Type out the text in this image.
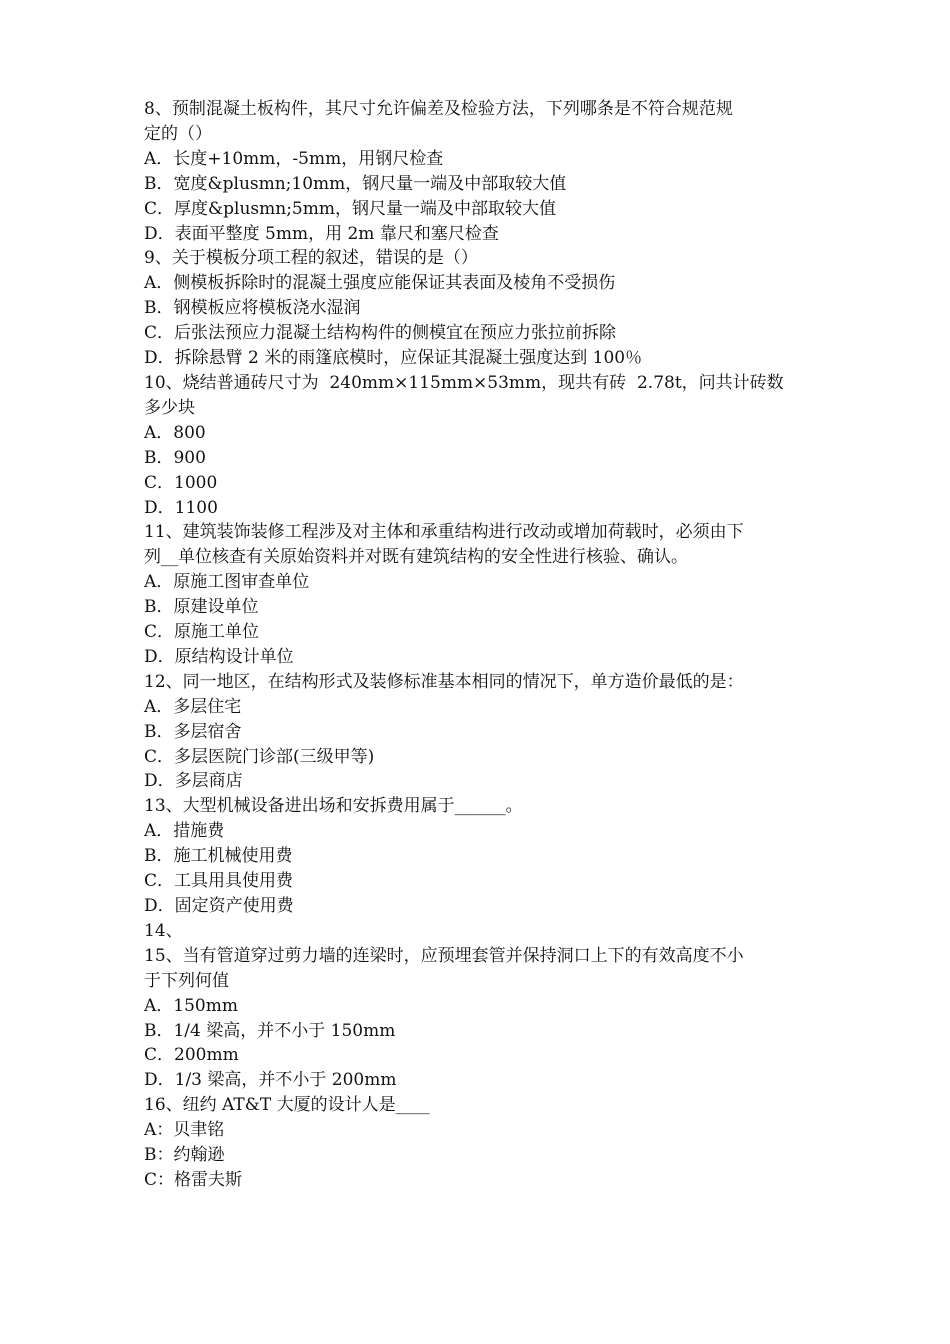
8、预制混凝土板构件，其尺寸允许偏差及检验方法，下列哪条是不符合规范规
定的（）
A．长度+10mm，-5mm，用钢尺检查
B．宽度&plusmn;10mm，钢尺量一端及中部取较大值
C．厚度&plusmn;5mm，钢尺量一端及中部取较大值
D．表面平整度 5mm，用 2m 靠尺和塞尺检查
9、关于模板分项工程的叙述，错误的是（）
A．侧模板拆除时的混凝土强度应能保证其表面及棱角不受损伤
B．钢模板应将模板浇水湿润
C．后张法预应力混凝土结构构件的侧模宜在预应力张拉前拆除
D．拆除悬臂 2 米的雨篷底模时，应保证其混凝土强度达到 100％
10、烧结普通砖尺寸为  240mm×115mm×53mm，现共有砖  2.78t，问共计砖数
多少块
A．800
B．900
C．1000
D．1100
11、建筑装饰装修工程涉及对主体和承重结构进行改动或增加荷载时，必须由下
列__单位核查有关原始资料并对既有建筑结构的安全性进行核验、确认。
A．原施工图审查单位
B．原建设单位
C．原施工单位
D．原结构设计单位
12、同一地区，在结构形式及装修标准基本相同的情况下，单方造价最低的是：
A．多层住宅
B．多层宿舍
C．多层医院门诊部(三级甲等)
D．多层商店
13、大型机械设备进出场和安拆费用属于______。
A．措施费
B．施工机械使用费
C．工具用具使用费
D．固定资产使用费
14、
15、当有管道穿过剪力墙的连梁时，应预埋套管并保持洞口上下的有效高度不小
于下列何值
A．150mm
B．1/4 梁高，并不小于 150mm
C．200mm
D．1/3 梁高，并不小于 200mm
16、纽约 AT&T 大厦的设计人是____
A：贝聿铭
B：约翰逊
C：格雷夫斯
